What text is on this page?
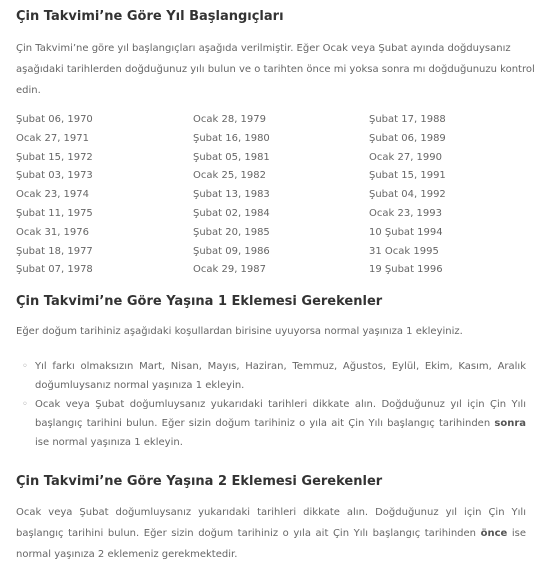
Çin Takvimi’ne Göre Yıl Başlangıçları

Çin Takvimi’ne göre yıl başlangıçları aşağıda verilmiştir. Eğer Ocak veya Şubat ayında doğduysanız aşağıdaki tarihlerden doğduğunuz yılı bulun ve o tarihten önce mi yoksa sonra mı doğduğunuzu kontrol edin.

Şubat 06, 1970
Ocak 27, 1971
Şubat 15, 1972
Şubat 03, 1973
Ocak 23, 1974
Şubat 11, 1975
Ocak 31, 1976
Şubat 18, 1977
Şubat 07, 1978
Ocak 28, 1979
Şubat 16, 1980
Şubat 05, 1981
Ocak 25, 1982
Şubat 13, 1983
Şubat 02, 1984
Şubat 20, 1985
Şubat 09, 1986
Ocak 29, 1987
Şubat 17, 1988
Şubat 06, 1989
Ocak 27, 1990
Şubat 15, 1991
Şubat 04, 1992
Ocak 23, 1993
10 Şubat 1994
31 Ocak 1995
19 Şubat 1996
Çin Takvimi’ne Göre Yaşına 1 Eklemesi Gerekenler

Eğer doğum tarihiniz aşağıdaki koşullardan birisine uyuyorsa normal yaşınıza 1 ekleyiniz.

◦ Yıl farkı olmaksızın Mart, Nisan, Mayıs, Haziran, Temmuz, Ağustos, Eylül, Ekim, Kasım, Aralık doğumluysanız normal yaşınıza 1 ekleyin.
◦ Ocak veya Şubat doğumluysanız yukarıdaki tarihleri dikkate alın. Doğduğunuz yıl için Çin Yılı başlangıç tarihini bulun. Eğer sizin doğum tarihiniz o yıla ait Çin Yılı başlangıç tarihinden sonra ise normal yaşınıza 1 ekleyin.
Çin Takvimi’ne Göre Yaşına 2 Eklemesi Gerekenler

Ocak veya Şubat doğumluysanız yukarıdaki tarihleri dikkate alın. Doğduğunuz yıl için Çin Yılı başlangıç tarihini bulun. Eğer sizin doğum tarihiniz o yıla ait Çin Yılı başlangıç tarihinden önce ise normal yaşınıza 2 eklemeniz gerekmektedir.
